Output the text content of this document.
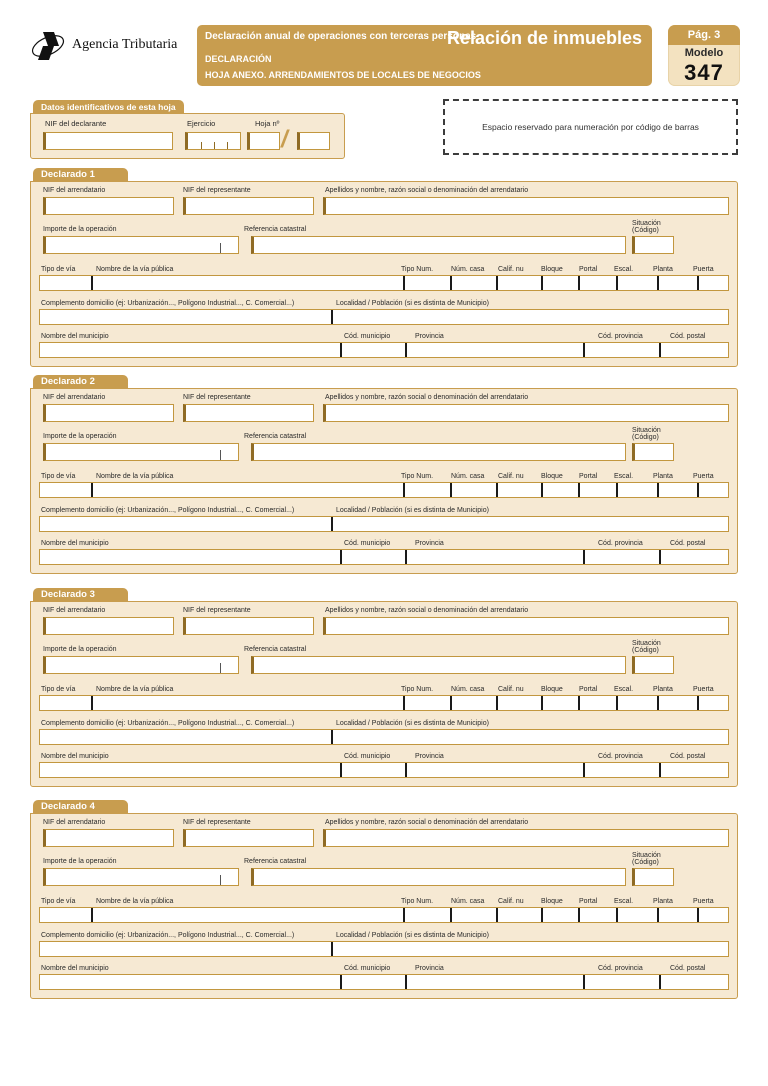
Agencia Tributaria
Declaración anual de operaciones con terceras personas
Relación de inmuebles
DECLARACIÓN
HOJA ANEXO. ARRENDAMIENTOS DE LOCALES DE NEGOCIOS
Pág. 3
Modelo
347
Datos identificativos de esta hoja
NIF del declarante	Ejercicio	Hoja nº
/	Espacio reservado para numeración por código de barras
Declarado 1
NIF del arrendatario	NIF del representante	Apellidos y nombre, razón social o denominación del arrendatario
Importe de la operación	Referencia catastral
Situación
(Código)
Tipo de vía	Nombre de la vía pública	Tipo Num.	Núm. casa Calif. nu Bloque Portal Escal.	Planta	Puerta
Complemento domicilio (ej: Urbanización..., Polígono Industrial..., C. Comercial...)	Localidad / Población (si es distinta de Municipio)
Nombre del municipio	Cód. municipio	Provincia	Cód. provincia	Cód. postal
Declarado 2
NIF del arrendatario	NIF del representante	Apellidos y nombre, razón social o denominación del arrendatario
Importe de la operación	Referencia catastral
Situación
(Código)
Tipo de vía	Nombre de la vía pública	Tipo Num.	Núm. casa Calif. nu Bloque Portal Escal.	Planta	Puerta
Complemento domicilio (ej: Urbanización..., Polígono Industrial..., C. Comercial...)	Localidad / Población (si es distinta de Municipio)
Nombre del municipio	Cód. municipio	Provincia	Cód. provincia	Cód. postal
Declarado 3
NIF del arrendatario	NIF del representante	Apellidos y nombre, razón social o denominación del arrendatario
Importe de la operación	Referencia catastral
Situación
(Código)
Tipo de vía	Nombre de la vía pública	Tipo Num.	Núm. casa Calif. nu Bloque Portal Escal.	Planta	Puerta
Complemento domicilio (ej: Urbanización..., Polígono Industrial..., C. Comercial...)	Localidad / Población (si es distinta de Municipio)
Nombre del municipio	Cód. municipio	Provincia	Cód. provincia	Cód. postal
Declarado 4
NIF del arrendatario	NIF del representante	Apellidos y nombre, razón social o denominación del arrendatario
Importe de la operación	Referencia catastral
Situación
(Código)
Tipo de vía	Nombre de la vía pública	Tipo Num.	Núm. casa Calif. nu Bloque Portal Escal.	Planta	Puerta
Complemento domicilio (ej: Urbanización..., Polígono Industrial..., C. Comercial...)	Localidad / Población (si es distinta de Municipio)
Nombre del municipio	Cód. municipio	Provincia	Cód. provincia	Cód. postal
